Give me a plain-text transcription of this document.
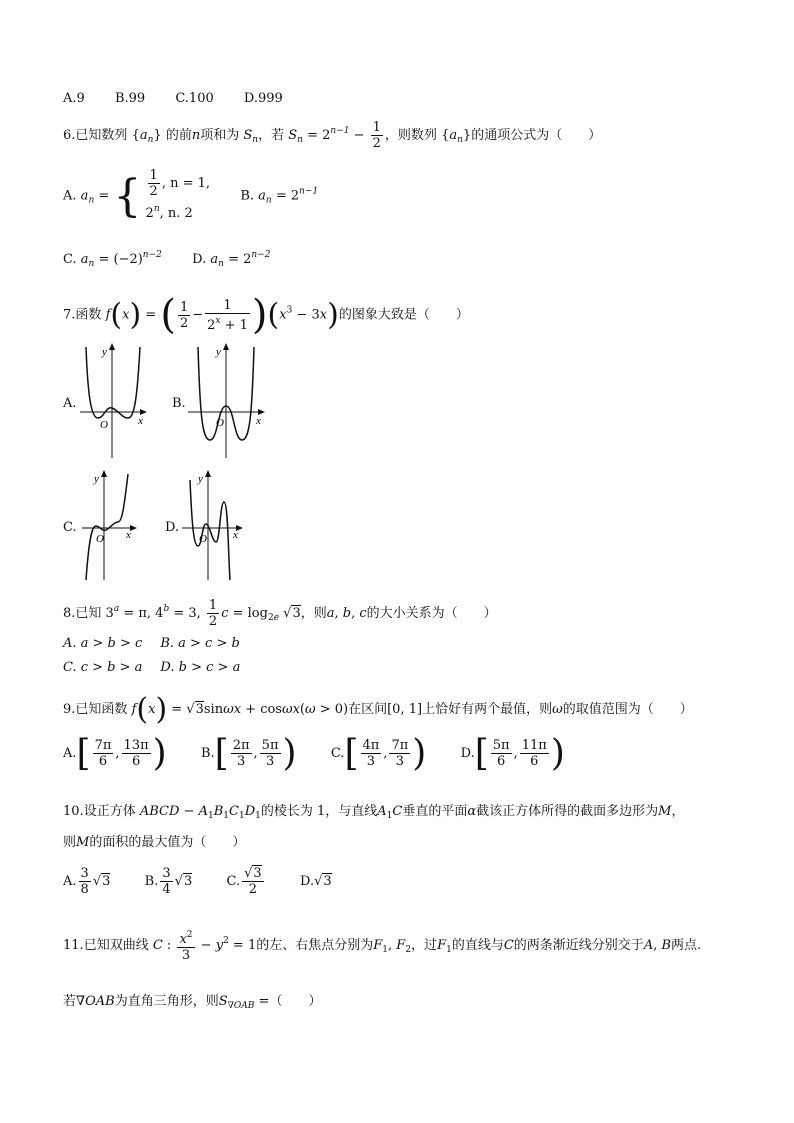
A.9 B.99 C.100 D.999
6.已知数列 $\{a_n\}$ 的前n项和为 $S_n$，若 $S_n = 2^{n-1} - \frac{1}{2}$ ，则数列 $\{a_n\}$的通项公式为（　　）
A. $a_n$ = { $\frac{1}{2}$ , n = 1,
2$^n$, n. 2
B. $a_n = 2^{n-1}$
C. $a_n = (-2)^{n-2}$ D. $a_n = 2^{n-2}$
7.函数 f(x) = ( $\frac{1}{2} - \frac{1}{2^x + 1} )(x^3 - 3x)$的图象大致是（　　）
A.
x
y
O
B.
x
y
O
C.	x
y
O
D.	x
y
O
8.已知 $3^a = \pi$, $4^b = 3$, $\frac{1}{2}$ $c = \log_{2e} √3$，则a, b, c的大小关系为（　　）
A. a > b > c B. a > c > b
C. c > b > a D. b > c > a
9.已知函数 f(x) = √3sinωx + cosωx(ω > 0)在区间[0, 1]上恰好有两个最值，则ω的取值范围为（　　）
$A.[ \frac{7\pi}{6}$ , $\frac{13\pi}{6}$ )	$B.[ \frac{2\pi}{3}$ , $\frac{5\pi}{3}$ )	$C.[ \frac{4\pi}{3}$ , $\frac{7\pi}{3}$ )	$D.[ \frac{5\pi}{6}$ , $\frac{11\pi}{6}$ )
10.设正方体 ABCD − $A_1B_1C_1D_1$的棱长为 1，与直线$A_1C$垂直的平面α截该正方体所得的截面多边形为M，
则M的面积的最大值为（　　）
A. $\frac{3}{8} √3$	B. $\frac{3}{4} √3$	C. $\frac{√3}{2}$	D.√3
11.已知双曲线 C : $\frac{x^2}{3} - y^2 = 1$的左、右焦点分别为$F_1$, $F_2$，过$F_1$的直线与C的两条渐近线分别交于A, B两点.
若∇OAB为直角三角形，则$S_{\nabla OAB}$ =（　　）
